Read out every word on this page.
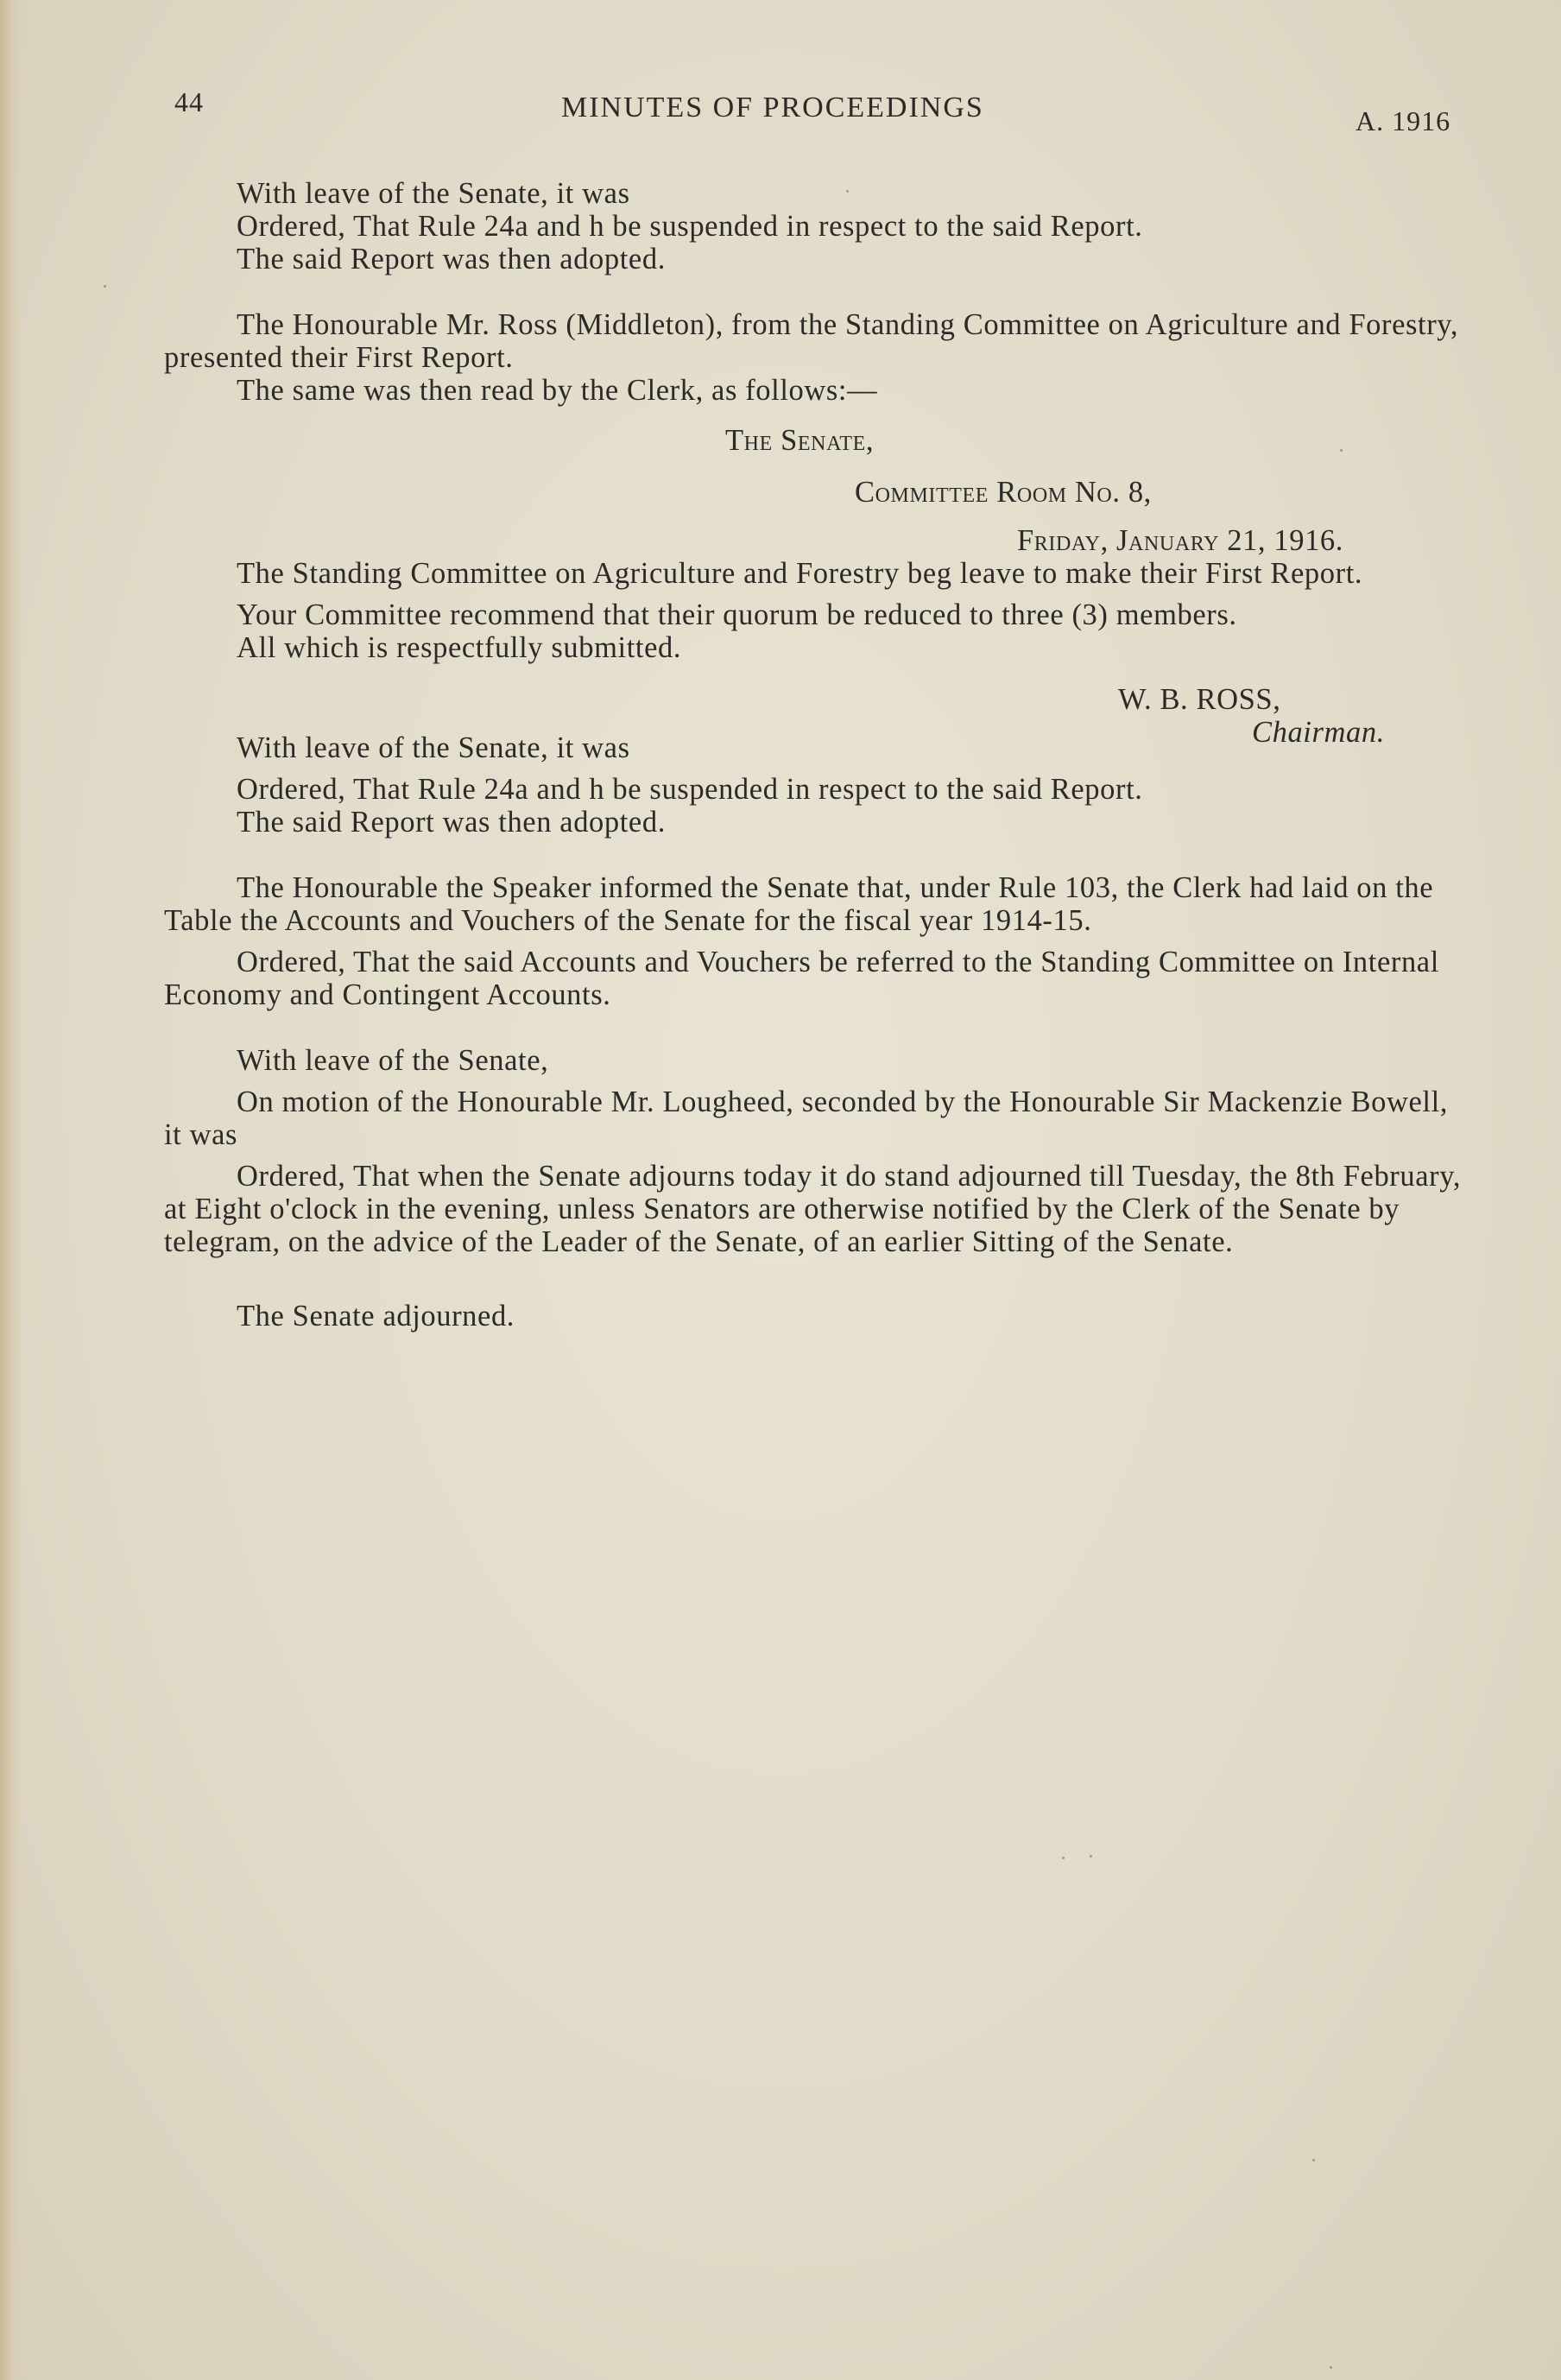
44	MINUTES OF PROCEEDINGS	A. 1916

With leave of the Senate, it was

Ordered, That Rule 24a and h be suspended in respect to the said Report.

The said Report was then adopted.

The Honourable Mr. Ross (Middleton), from the Standing Committee on Agriculture and Forestry, presented their First Report.

The same was then read by the Clerk, as follows:—

The Senate,

Committee Room No. 8,

Friday, January 21, 1916.

The Standing Committee on Agriculture and Forestry beg leave to make their First Report.

Your Committee recommend that their quorum be reduced to three (3) members.

All which is respectfully submitted.

W. B. ROSS,

Chairman.

With leave of the Senate, it was

Ordered, That Rule 24a and h be suspended in respect to the said Report.

The said Report was then adopted.

The Honourable the Speaker informed the Senate that, under Rule 103, the Clerk had laid on the Table the Accounts and Vouchers of the Senate for the fiscal year 1914-15.

Ordered, That the said Accounts and Vouchers be referred to the Standing Committee on Internal Economy and Contingent Accounts.

With leave of the Senate,

On motion of the Honourable Mr. Lougheed, seconded by the Honourable Sir Mackenzie Bowell, it was

Ordered, That when the Senate adjourns today it do stand adjourned till Tuesday, the 8th February, at Eight o'clock in the evening, unless Senators are otherwise notified by the Clerk of the Senate by telegram, on the advice of the Leader of the Senate, of an earlier Sitting of the Senate.

The Senate adjourned.
